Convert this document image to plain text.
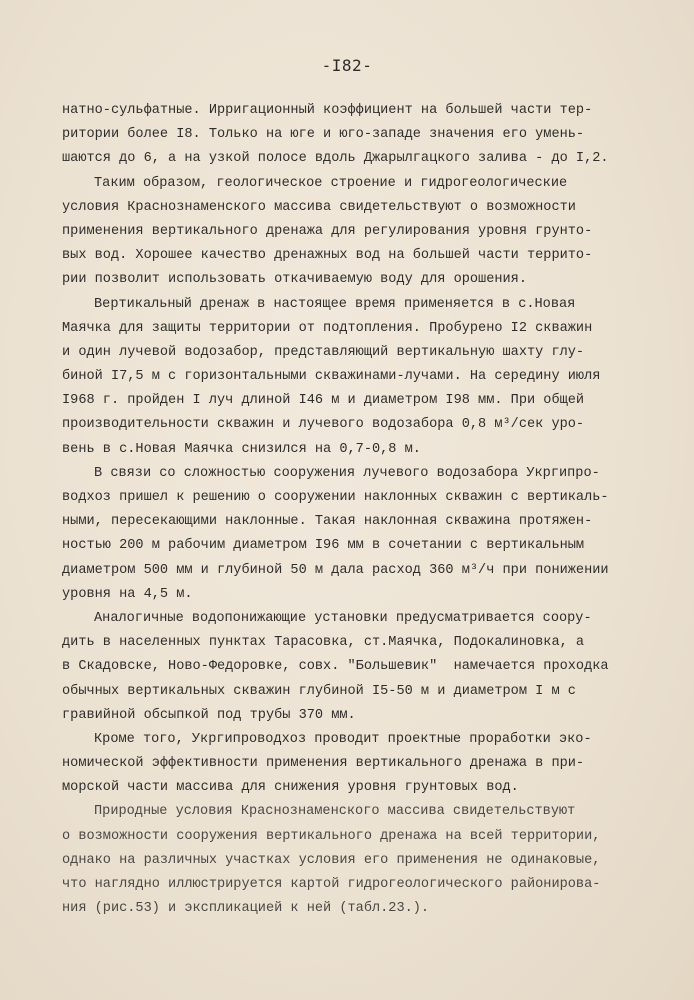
-I82-
натно-сульфатные. Ирригационный коэффициент на большей части тер-
ритории более I8. Только на юге и юго-западе значения его умень-
шаются до 6, а на узкой полосе вдоль Джарылгацкого залива - до I,2.
Таким образом, геологическое строение и гидрогеологические
условия Краснознаменского массива свидетельствуют о возможности
применения вертикального дренажа для регулирования уровня грунто-
вых вод. Хорошее качество дренажных вод на большей части террито-
рии позволит использовать откачиваемую воду для орошения.
Вертикальный дренаж в настоящее время применяется в с.Новая
Маячка для защиты территории от подтопления. Пробурено I2 скважин
и один лучевой водозабор, представляющий вертикальную шахту глу-
биной I7,5 м с горизонтальными скважинами-лучами. На середину июля
I968 г. пройден I луч длиной I46 м и диаметром I98 мм. При общей
производительности скважин и лучевого водозабора 0,8 м³/сек уро-
вень в с.Новая Маячка снизился на 0,7-0,8 м.
В связи со сложностью сооружения лучевого водозабора Укргипро-
водхоз пришел к решению о сооружении наклонных скважин с вертикаль-
ными, пересекающими наклонные. Такая наклонная скважина протяжен-
ностью 200 м рабочим диаметром I96 мм в сочетании с вертикальным
диаметром 500 мм и глубиной 50 м дала расход 360 м³/ч при понижении
уровня на 4,5 м.
Аналогичные водопонижающие установки предусматривается соору-
дить в населенных пунктах Тарасовка, ст.Маячка, Подокалиновка, а
в Скадовске, Ново-Федоровке, совх. "Большевик"  намечается проходка
обычных вертикальных скважин глубиной I5-50 м и диаметром I м с
гравийной обсыпкой под трубы 370 мм.
Кроме того, Укргипроводхоз проводит проектные проработки эко-
номической эффективности применения вертикального дренажа в при-
морской части массива для снижения уровня грунтовых вод.
Природные условия Краснознаменского массива свидетельствуют
о возможности сооружения вертикального дренажа на всей территории,
однако на различных участках условия его применения не одинаковые,
что наглядно иллюстрируется картой гидрогеологического районирова-
ния (рис.53) и экспликацией к ней (табл.23.).
